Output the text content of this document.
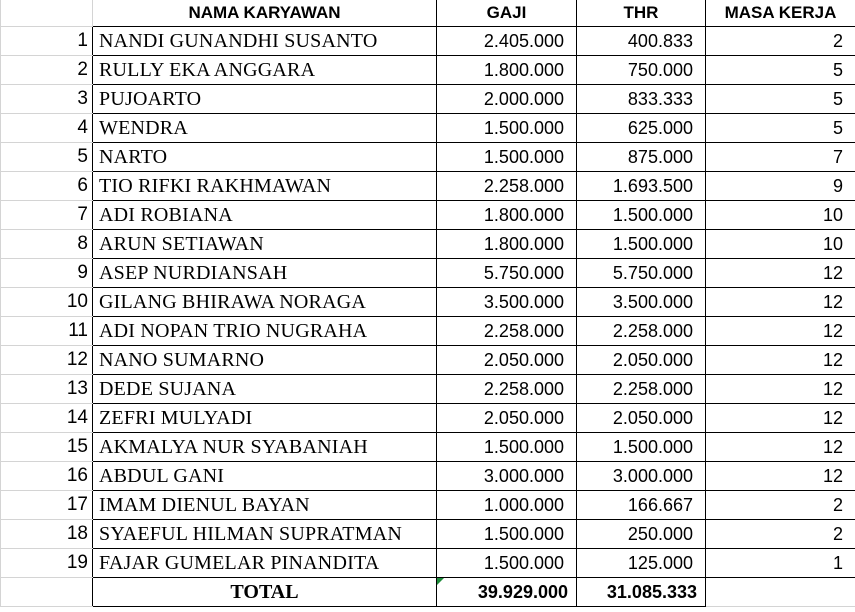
	NAMA KARYAWAN	GAJI	THR	MASA KERJA
1	NANDI GUNANDHI SUSANTO	2.405.000	400.833	2
2	RULLY EKA ANGGARA	1.800.000	750.000	5
3	PUJOARTO	2.000.000	833.333	5
4	WENDRA	1.500.000	625.000	5
5	NARTO	1.500.000	875.000	7
6	TIO RIFKI RAKHMAWAN	2.258.000	1.693.500	9
7	ADI ROBIANA	1.800.000	1.500.000	10
8	ARUN SETIAWAN	1.800.000	1.500.000	10
9	ASEP NURDIANSAH	5.750.000	5.750.000	12
10	GILANG BHIRAWA NORAGA	3.500.000	3.500.000	12
11	ADI NOPAN TRIO NUGRAHA	2.258.000	2.258.000	12
12	NANO SUMARNO	2.050.000	2.050.000	12
13	DEDE SUJANA	2.258.000	2.258.000	12
14	ZEFRI MULYADI	2.050.000	2.050.000	12
15	AKMALYA NUR SYABANIAH	1.500.000	1.500.000	12
16	ABDUL GANI	3.000.000	3.000.000	12
17	IMAM DIENUL BAYAN	1.000.000	166.667	2
18	SYAEFUL HILMAN SUPRATMAN	1.500.000	250.000	2
19	FAJAR GUMELAR PINANDITA	1.500.000	125.000	1
	TOTAL	39.929.000	31.085.333	
